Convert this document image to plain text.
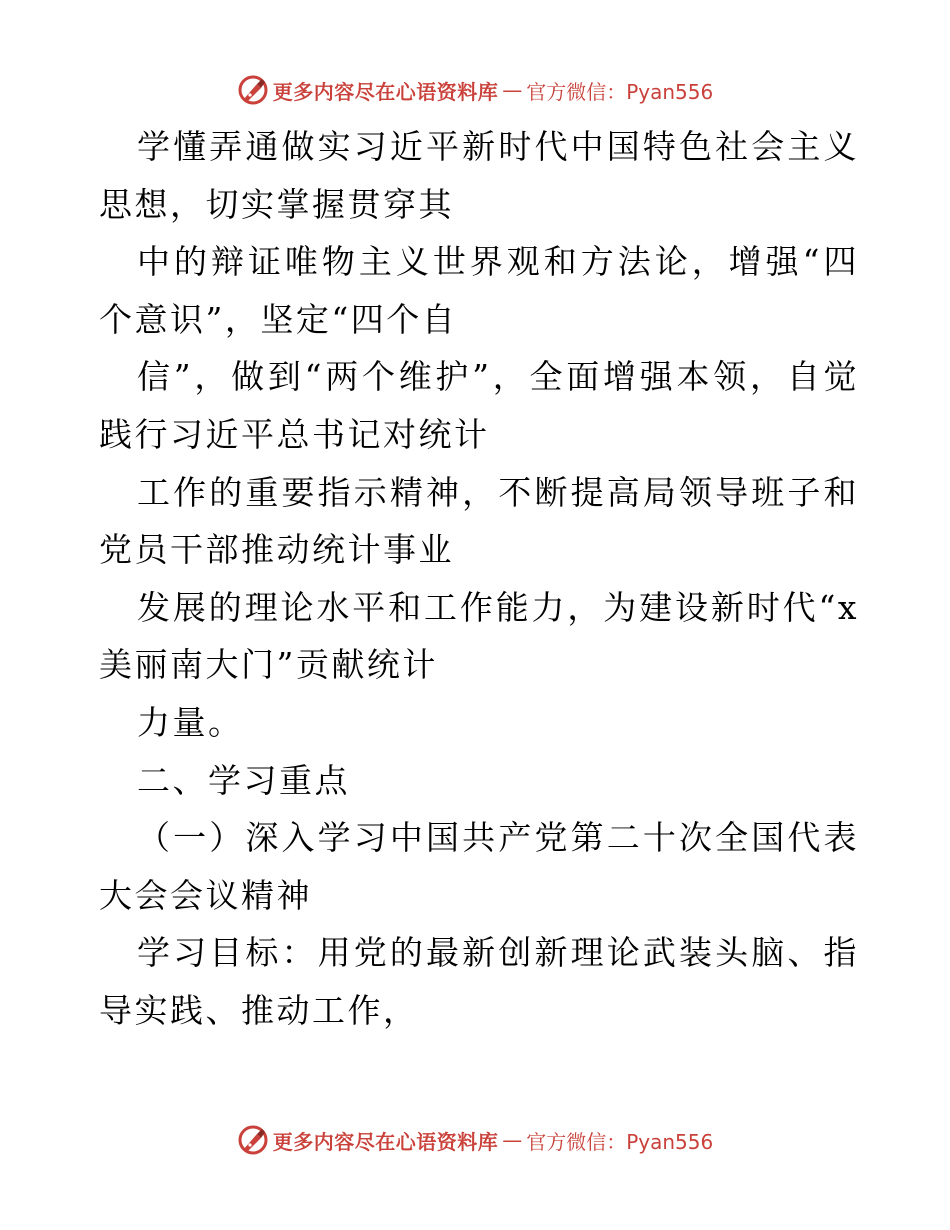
更多内容尽在心语资料库 — 官方微信：Pyan556

学懂弄通做实习近平新时代中国特色社会主义思想，切实掌握贯穿其

中的辩证唯物主义世界观和方法论，增强“四个意识”，坚定“四个自

信”，做到“两个维护”，全面增强本领，自觉践行习近平总书记对统计

工作的重要指示精神，不断提高局领导班子和党员干部推动统计事业

发展的理论水平和工作能力，为建设新时代“x美丽南大门”贡献统计

力量。

二、学习重点

（一）深入学习中国共产党第二十次全国代表大会会议精神

学习目标：用党的最新创新理论武装头脑、指导实践、推动工作，

更多内容尽在心语资料库 — 官方微信：Pyan556
